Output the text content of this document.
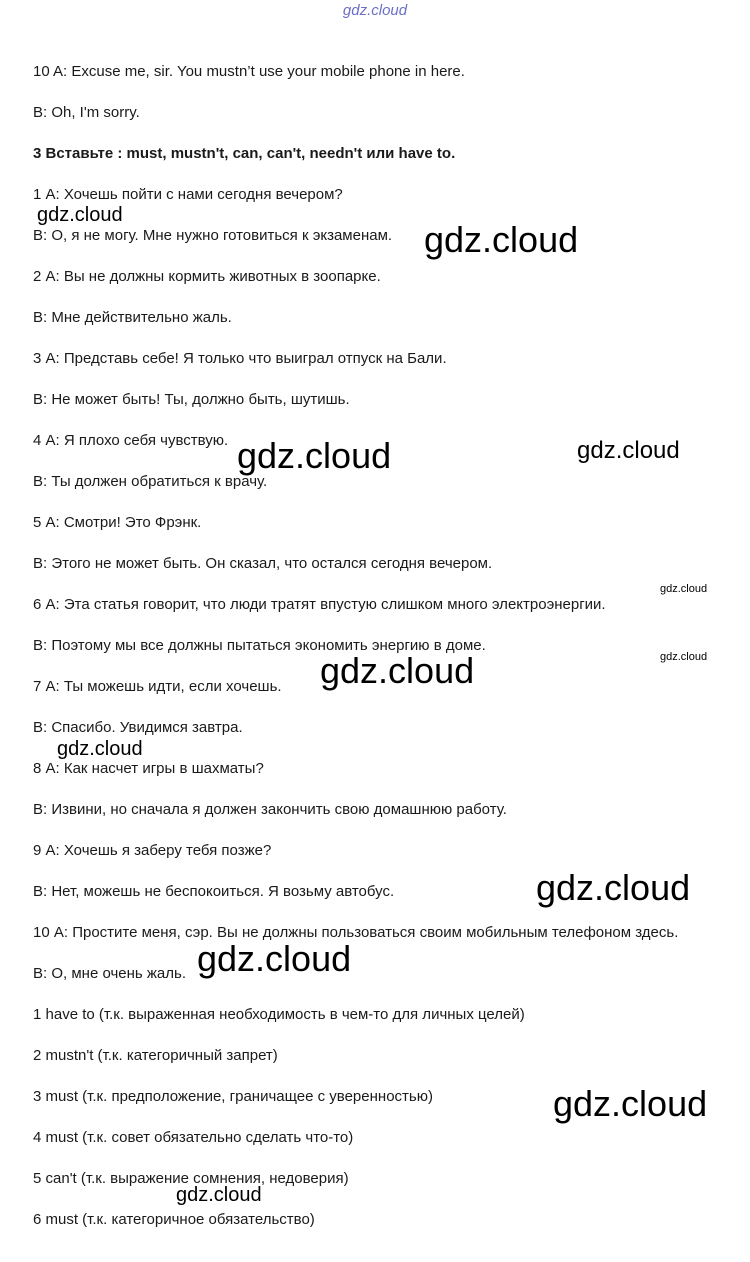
gdz.cloud
10 A: Excuse me, sir. You mustn’t use your mobile phone in here.
B: Oh, I'm sorry.
3 Вставьте : must, mustn't, can, can't, needn't или have to.
1 А: Хочешь пойти с нами сегодня вечером?
В: О, я не могу. Мне нужно готовиться к экзаменам.
2 А: Вы не должны кормить животных в зоопарке.
В: Мне действительно жаль.
3 А: Представь себе! Я только что выиграл отпуск на Бали.
В: Не может быть! Ты, должно быть, шутишь.
4 А: Я плохо себя чувствую.
В: Ты должен обратиться к врачу.
5 А: Смотри! Это Фрэнк.
В: Этого не может быть. Он сказал, что остался сегодня вечером.
6 А: Эта статья говорит, что люди тратят впустую слишком много электроэнергии.
В: Поэтому мы все должны пытаться экономить энергию в доме.
7 А: Ты можешь идти, если хочешь.
В: Спасибо. Увидимся завтра.
8 А: Как насчет игры в шахматы?
В: Извини, но сначала я должен закончить свою домашнюю работу.
9 А: Хочешь я заберу тебя позже?
В: Нет, можешь не беспокоиться. Я возьму автобус.
10 А: Простите меня, сэр. Вы не должны пользоваться своим мобильным телефоном здесь.
В: О, мне очень жаль.
1 have to (т.к. выраженная необходимость в чем-то для личных целей)
2 mustn't (т.к. категоричный запрет)
3 must (т.к. предположение, граничащее с уверенностью)
4 must (т.к. совет обязательно сделать что-то)
5 can't (т.к. выражение сомнения, недоверия)
6 must (т.к. категоричное обязательство)
gdz.cloud
gdz.cloud
gdz.cloud	gdz.cloud
gdz.cloud
gdz.cloud
gdz.cloud
gdz.cloud
gdz.cloud
gdz.cloud
gdz.cloud
gdz.cloud
